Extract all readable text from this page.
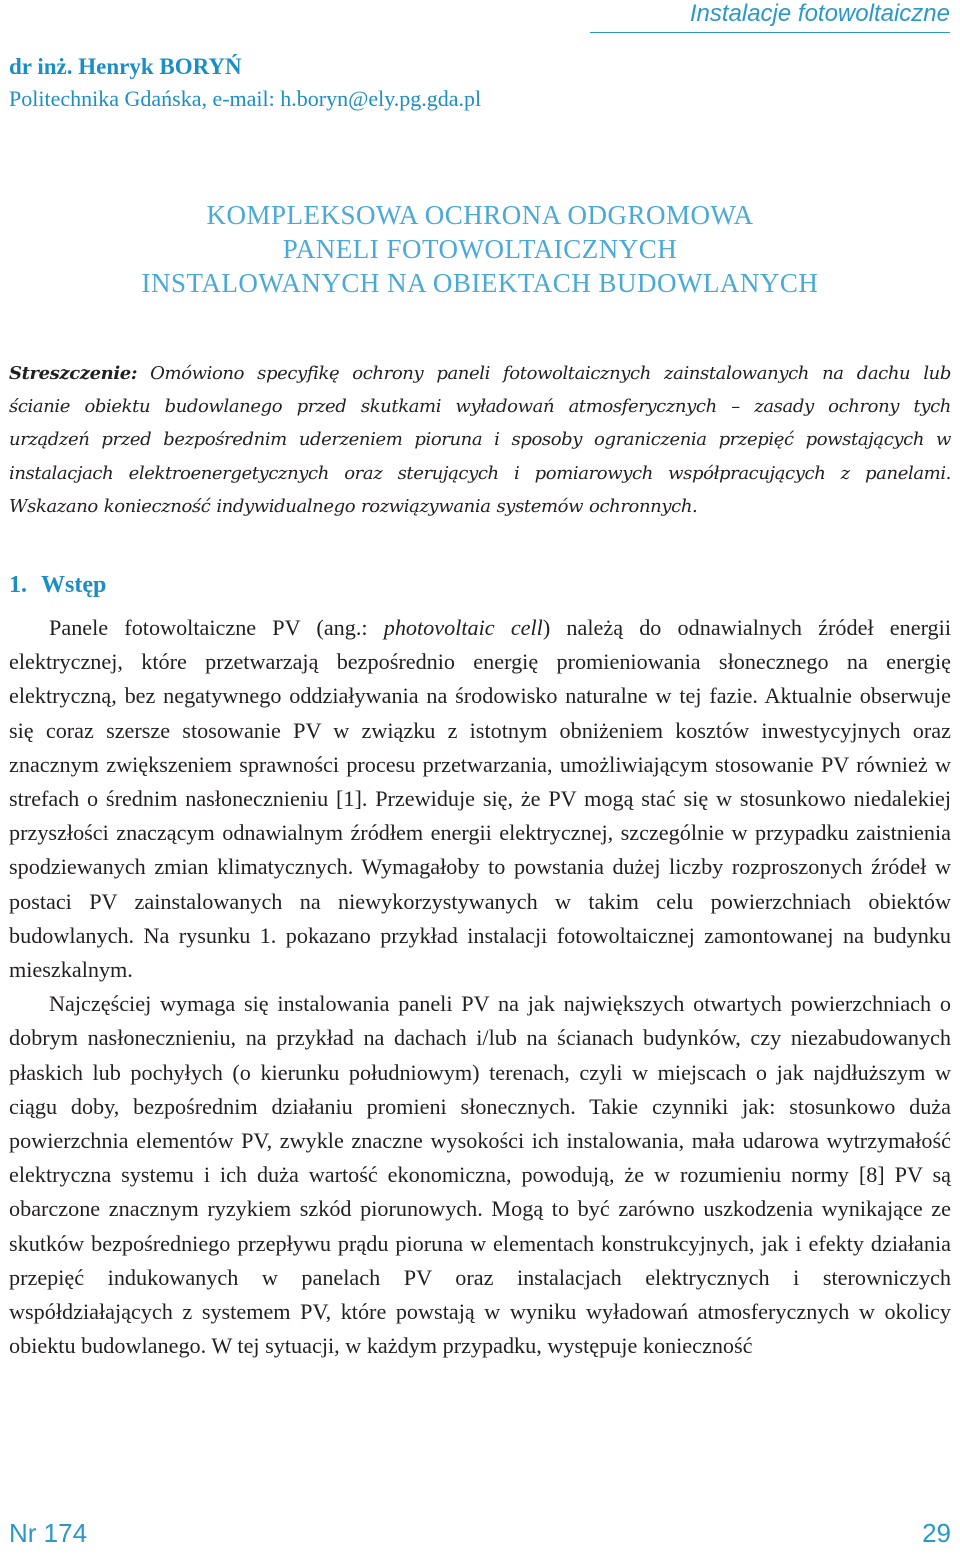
Instalacje fotowoltaiczne

dr inż. Henryk BORYŃ

Politechnika Gdańska, e-mail: h.boryn@ely.pg.gda.pl

KOMPLEKSOWA OCHRONA ODGROMOWA
PANELI FOTOWOLTAICZNYCH
INSTALOWANYCH NA OBIEKTACH BUDOWLANYCH

Streszczenie: Omówiono specyfikę ochrony paneli fotowoltaicznych zainstalowanych na dachu lub ścianie obiektu budowlanego przed skutkami wyładowań atmosferycznych – zasady ochrony tych urządzeń przed bezpośrednim uderzeniem pioruna i sposoby ograniczenia przepięć powstających w instalacjach elektroenergetycznych oraz sterujących i pomiarowych współpracujących z panelami. Wskazano konieczność indywidualnego rozwiązywania systemów ochronnych.

1. Wstęp

Panele fotowoltaiczne PV (ang.: photovoltaic cell) należą do odnawialnych źródeł energii elektrycznej, które przetwarzają bezpośrednio energię promieniowania słonecznego na energię elektryczną, bez negatywnego oddziaływania na środowisko naturalne w tej fazie. Aktualnie obserwuje się coraz szersze stosowanie PV w związku z istotnym obniżeniem kosztów inwestycyjnych oraz znacznym zwiększeniem sprawności procesu przetwarzania, umożliwiającym stosowanie PV również w strefach o średnim nasłonecznieniu [1]. Przewiduje się, że PV mogą stać się w stosunkowo niedalekiej przyszłości znaczącym odnawialnym źródłem energii elektrycznej, szczególnie w przypadku zaistnienia spodziewanych zmian klimatycznych. Wymagałoby to powstania dużej liczby rozproszonych źródeł w postaci PV zainstalowanych na niewykorzystywanych w takim celu powierzchniach obiektów budowlanych. Na rysunku 1. pokazano przykład instalacji fotowoltaicznej zamontowanej na budynku mieszkalnym.

Najczęściej wymaga się instalowania paneli PV na jak największych otwartych powierzchniach o dobrym nasłonecznieniu, na przykład na dachach i/lub na ścianach budynków, czy niezabudowanych płaskich lub pochyłych (o kierunku południowym) terenach, czyli w miejscach o jak najdłuższym w ciągu doby, bezpośrednim działaniu promieni słonecznych. Takie czynniki jak: stosunkowo duża powierzchnia elementów PV, zwykle znaczne wysokości ich instalowania, mała udarowa wytrzymałość elektryczna systemu i ich duża wartość ekonomiczna, powodują, że w rozumieniu normy [8] PV są obarczone znacznym ryzykiem szkód piorunowych. Mogą to być zarówno uszkodzenia wynikające ze skutków bezpośredniego przepływu prądu pioruna w elementach konstrukcyjnych, jak i efekty działania przepięć indukowanych w panelach PV oraz instalacjach elektrycznych i sterowniczych współdziałających z systemem PV, które powstają w wyniku wyładowań atmosferycznych w okolicy obiektu budowlanego. W tej sytuacji, w każdym przypadku, występuje konieczność

Nr 174	29
